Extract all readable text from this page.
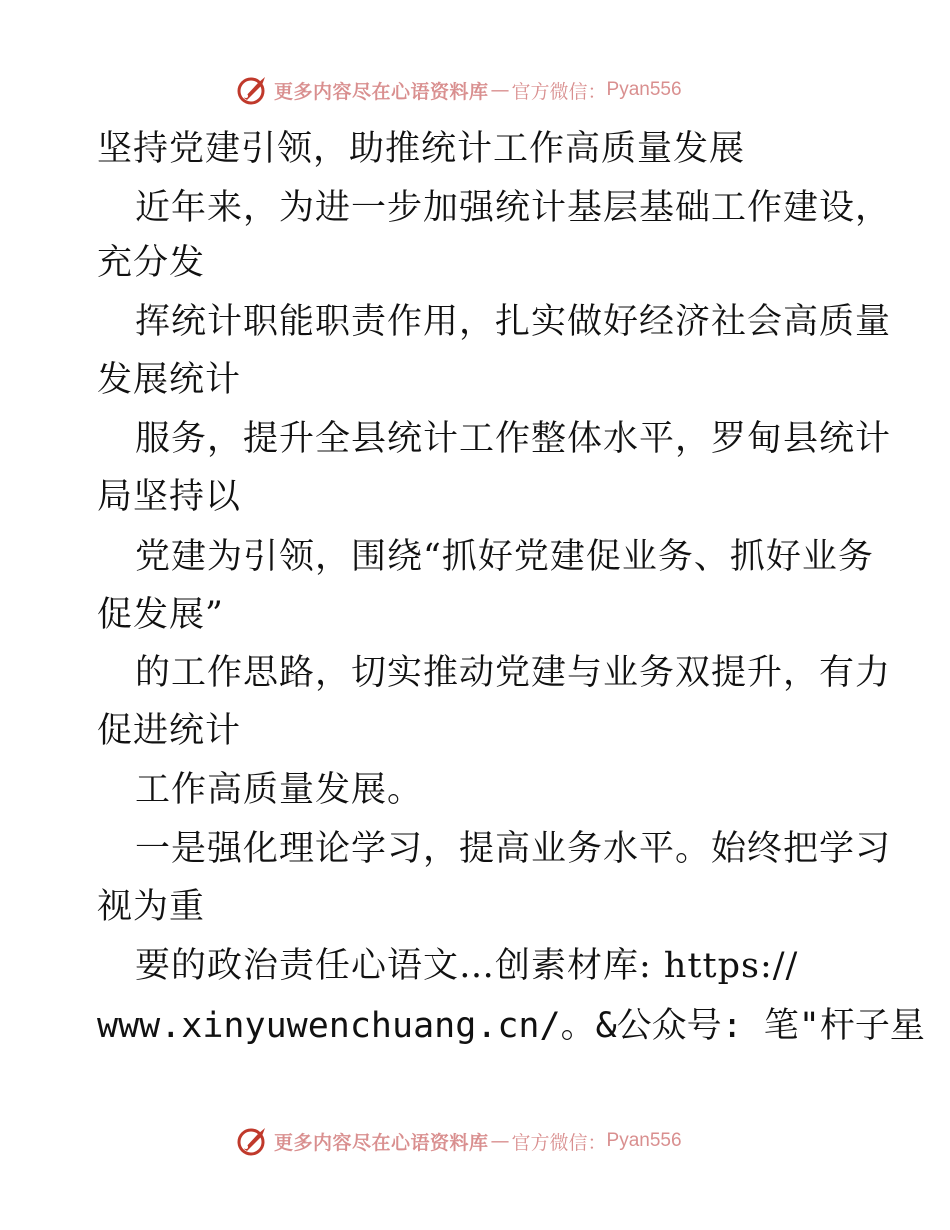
更多内容尽在心语资料库 — 官方微信： Pyan556

坚持党建引领，助推统计工作高质量发展

近年来，为进一步加强统计基层基础工作建设，

充分发

挥统计职能职责作用，扎实做好经济社会高质量

发展统计

服务，提升全县统计工作整体水平，罗甸县统计

局坚持以

党建为引领，围绕“抓好党建促业务、抓好业务

促发展”

的工作思路，切实推动党建与业务双提升，有力

促进统计

工作高质量发展。

一是强化理论学习，提高业务水平。始终把学习

视为重

要的政治责任心语文…创素材库: https://

www.xinyuwenchuang.cn/。&公众号: 笔"杆子星

更多内容尽在心语资料库 — 官方微信： Pyan556
